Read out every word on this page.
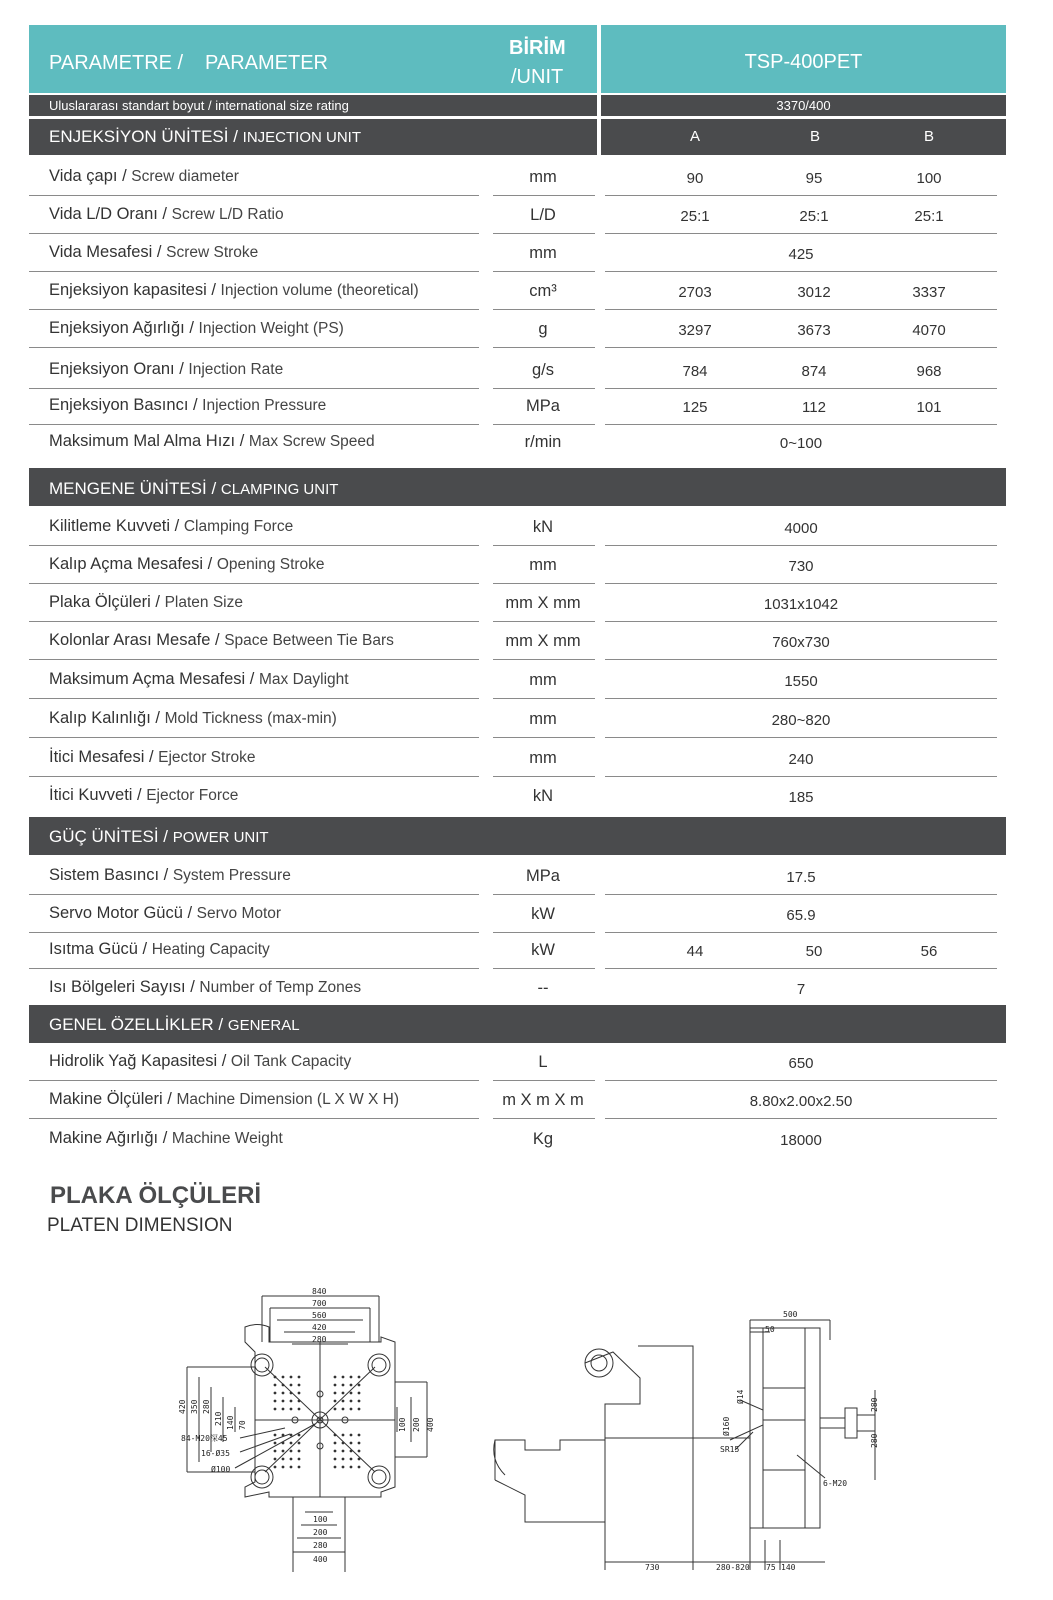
PARAMETRE / PARAMETER
BİRİM
/UNIT
TSP-400PET
Uluslararası standart boyut / international size rating	3370/400
ENJEKSİYON ÜNİTESİ / INJECTION UNIT	A	B	B
Vida çapı / Screw diameter	mm	90	95	100
Vida L/D Oranı / Screw L/D Ratio	L/D	25:1	25:1	25:1
Vida Mesafesi / Screw Stroke	mm	425
Enjeksiyon kapasitesi / Injection volume (theoretical)	cm³	2703	3012	3337
Enjeksiyon Ağırlığı / Injection Weight (PS)	g	3297	3673	4070
Enjeksiyon Oranı / Injection Rate	g/s	784	874	968
Enjeksiyon Basıncı / Injection Pressure	MPa	125	112	101
Maksimum Mal Alma Hızı / Max Screw Speed	r/min	0~100
MENGENE ÜNİTESİ / CLAMPING UNIT
Kilitleme Kuvveti / Clamping Force	kN	4000
Kalıp Açma Mesafesi / Opening Stroke	mm	730
Plaka Ölçüleri / Platen Size	mm X mm	1031x1042
Kolonlar Arası Mesafe / Space Between Tie Bars	mm X mm	760x730
Maksimum Açma Mesafesi / Max Daylight	mm	1550
Kalıp Kalınlığı / Mold Tickness (max-min)	mm	280~820
İtici Mesafesi / Ejector Stroke	mm	240
İtici Kuvveti / Ejector Force	kN	185
GÜÇ ÜNİTESİ / POWER UNIT
Sistem Basıncı / System Pressure	MPa	17.5
Servo Motor Gücü / Servo Motor	kW	65.9
Isıtma Gücü / Heating Capacity	kW	44	50	56
Isı Bölgeleri Sayısı / Number of Temp Zones	--	7
GENEL ÖZELLİKLER / GENERAL
Hidrolik Yağ Kapasitesi / Oil Tank Capacity	L	650
Makine Ölçüleri / Machine Dimension (L X W X H)	m X m X m	8.80x2.00x2.50
Makine Ağırlığı / Machine Weight	Kg	18000
PLAKA ÖLÇÜLERİ
PLATEN DIMENSION
840
700
560
420
280
420 350 280
210 140 70	100 200 400
100
200
280
400
84-M20深45
16-Ø35
Ø100
500
50
Ø14
Ø160
SR15
6-M20
280
280
730	280-820 75 140
